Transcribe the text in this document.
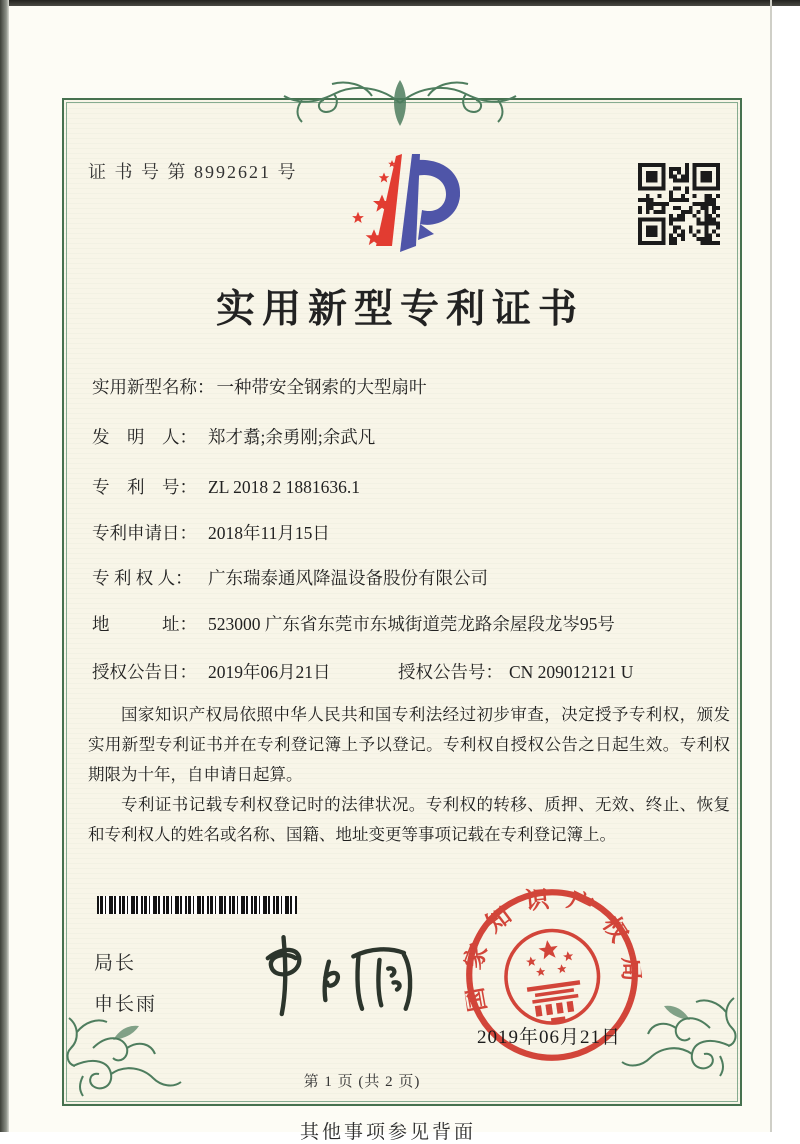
证 书 号 第 8992621 号
实用新型专利证书
实用新型名称： 一种带安全钢索的大型扇叶
发　明　人： 郑才翥;余勇刚;余武凡
专　利　号： ZL 2018 2 1881636.1
专利申请日： 2018年11月15日
专 利 权 人： 广东瑞泰通风降温设备股份有限公司
地　　　址： 523000 广东省东莞市东城街道莞龙路余屋段龙岑95号
授权公告日： 2019年06月21日	授权公告号： CN 209012121 U

国家知识产权局依照中华人民共和国专利法经过初步审查，决定授予专利权，颁发实用新型专利证书并在专利登记簿上予以登记。专利权自授权公告之日起生效。专利权期限为十年，自申请日起算。

专利证书记载专利权登记时的法律状况。专利权的转移、质押、无效、终止、恢复和专利权人的姓名或名称、国籍、地址变更等事项记载在专利登记簿上。

局长
申长雨	国家知识产权局
2019年06月21日
第 1 页 (共 2 页)
其他事项参见背面
